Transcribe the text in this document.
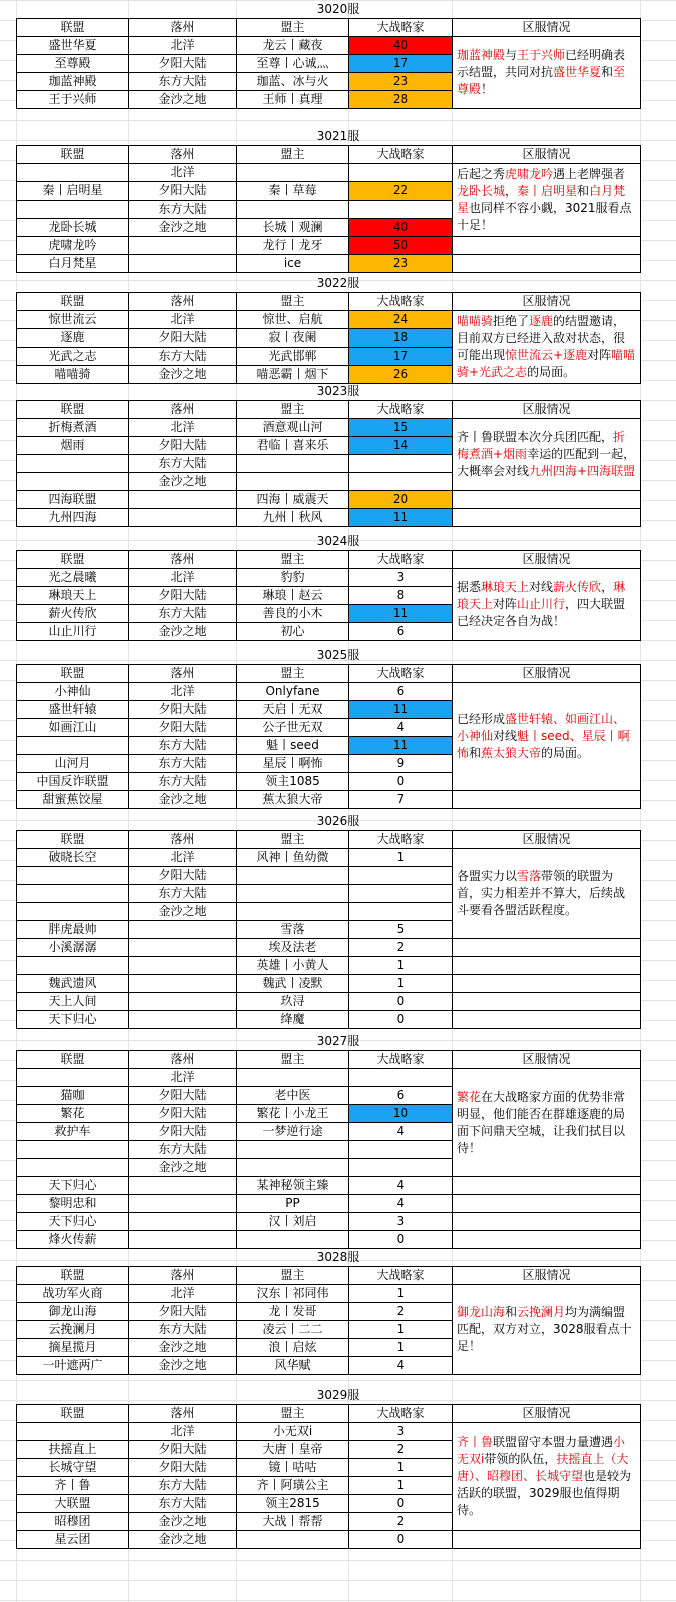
3020服
联盟	落州	盟主	大战略家	区服情况
盛世华夏	北洋	龙云丨藏夜	40	珈蓝神殿与王于兴师已经明确表示结盟，共同对抗盛世华夏和至尊殿！
至尊殿	夕阳大陆	至尊丨心诚灬	17	
珈蓝神殿	东方大陆	珈蓝、冰与火	23	
王于兴师	金沙之地	王师丨真理	28	
3021服
联盟	落州	盟主	大战略家	区服情况
	北洋			后起之秀虎啸龙吟遇上老牌强者龙卧长城，秦丨启明星和白月梵星也同样不容小觑，3021服看点十足！
秦丨启明星	夕阳大陆	秦丨草莓	22	
	东方大陆			
龙卧长城	金沙之地	长城丨观澜	40	
虎啸龙吟		龙行丨龙牙	50	
白月梵星		ice	23	
3022服
联盟	落州	盟主	大战略家	区服情况
惊世流云	北洋	惊世、启航	24	喵喵骑拒绝了逐鹿的结盟邀请，目前双方已经进入敌对状态，很可能出现惊世流云+逐鹿对阵喵喵骑+光武之志的局面。
逐鹿	夕阳大陆	寂丨夜阑	18	
光武之志	东方大陆	光武邯郸	17	
喵喵骑	金沙之地	喵恶霸丨烟下	26	
3023服
联盟	落州	盟主	大战略家	区服情况
折梅煮酒	北洋	酒意观山河	15	齐丨鲁联盟本次分兵团匹配，折梅煮酒+烟雨幸运的匹配到一起，大概率会对线九州四海+四海联盟
烟雨	夕阳大陆	君临丨喜来乐	14	
	东方大陆			
	金沙之地			
四海联盟		四海丨威震天	20	
九州四海		九州丨秋风	11	
3024服
联盟	落州	盟主	大战略家	区服情况
光之晨曦	北洋	豹豹	3	据悉琳琅天上对线薪火传欣，琳琅天上对阵山止川行，四大联盟已经决定各自为战！
琳琅天上	夕阳大陆	琳琅丨赵云	8	
薪火传欣	东方大陆	善良的小木	11	
山止川行	金沙之地	初心	6	
3025服
联盟	落州	盟主	大战略家	区服情况
小神仙	北洋	Onlyfane	6	已经形成盛世轩辕、如画江山、小神仙对线魁丨seed、星辰丨啊怖和蕉太狼大帝的局面。
盛世轩辕	夕阳大陆	天启丨无双	11	
如画江山	夕阳大陆	公子世无双	4	
	东方大陆	魁丨seed	11	
山河月	东方大陆	星辰丨啊怖	9	
中国反诈联盟	东方大陆	领主1085	0	
甜蜜蕉饺屋	金沙之地	蕉太狼大帝	7	
3026服
联盟	落州	盟主	大战略家	区服情况
破晓长空	北洋	风神丨鱼幼微	1	各盟实力以雪落带领的联盟为首，实力相差并不算大，后续战斗要看各盟活跃程度。
	夕阳大陆			
	东方大陆			
	金沙之地			
胖虎最帅		雪落	5	
小溪潺潺		埃及法老	2	
		英雄丨小黄人	1	
魏武遗风		魏武丨凌默	1	
天上人间		玖浔	0	
天下归心		绛魔	0	
3027服
联盟	落州	盟主	大战略家	区服情况
	北洋			繁花在大战略家方面的优势非常明显，他们能否在群雄逐鹿的局面下问鼎天空城，让我们拭目以待！
猫咖	夕阳大陆	老中医	6	
繁花	夕阳大陆	繁花丨小龙王	10	
救护车	夕阳大陆	一梦逆行途	4	
	东方大陆			
	金沙之地			
天下归心		某神秘领主臻	4	
黎明忠和		PP	4	
天下归心		汉丨刘启	3	
烽火传薪			0	
3028服
联盟	落州	盟主	大战略家	区服情况
战功军火商	北洋	汉东丨祁同伟	1	御龙山海和云挽澜月均为满编盟匹配，双方对立，3028服看点十足！
御龙山海	夕阳大陆	龙丨发哥	2	
云挽澜月	东方大陆	凌云丨二二	1	
摘星揽月	金沙之地	浪丨启炫	1	
一叶遮两广	金沙之地	风华赋	4	
3029服
联盟	落州	盟主	大战略家	区服情况
	北洋	小无双i	3	齐丨鲁联盟留守本盟力量遭遇小无双i带领的队伍，扶摇直上（大唐）、昭穆团、长城守望也是较为活跃的联盟，3029服也值得期待。
扶摇直上	夕阳大陆	大唐丨皇帝	2	
长城守望	夕阳大陆	镜丨咕咕	1	
齐丨鲁	东方大陆	齐丨阿璜公主	1	
大联盟	东方大陆	领主2815	0	
昭穆团	金沙之地	大战丨帮帮	2	
星云团	金沙之地		0	
